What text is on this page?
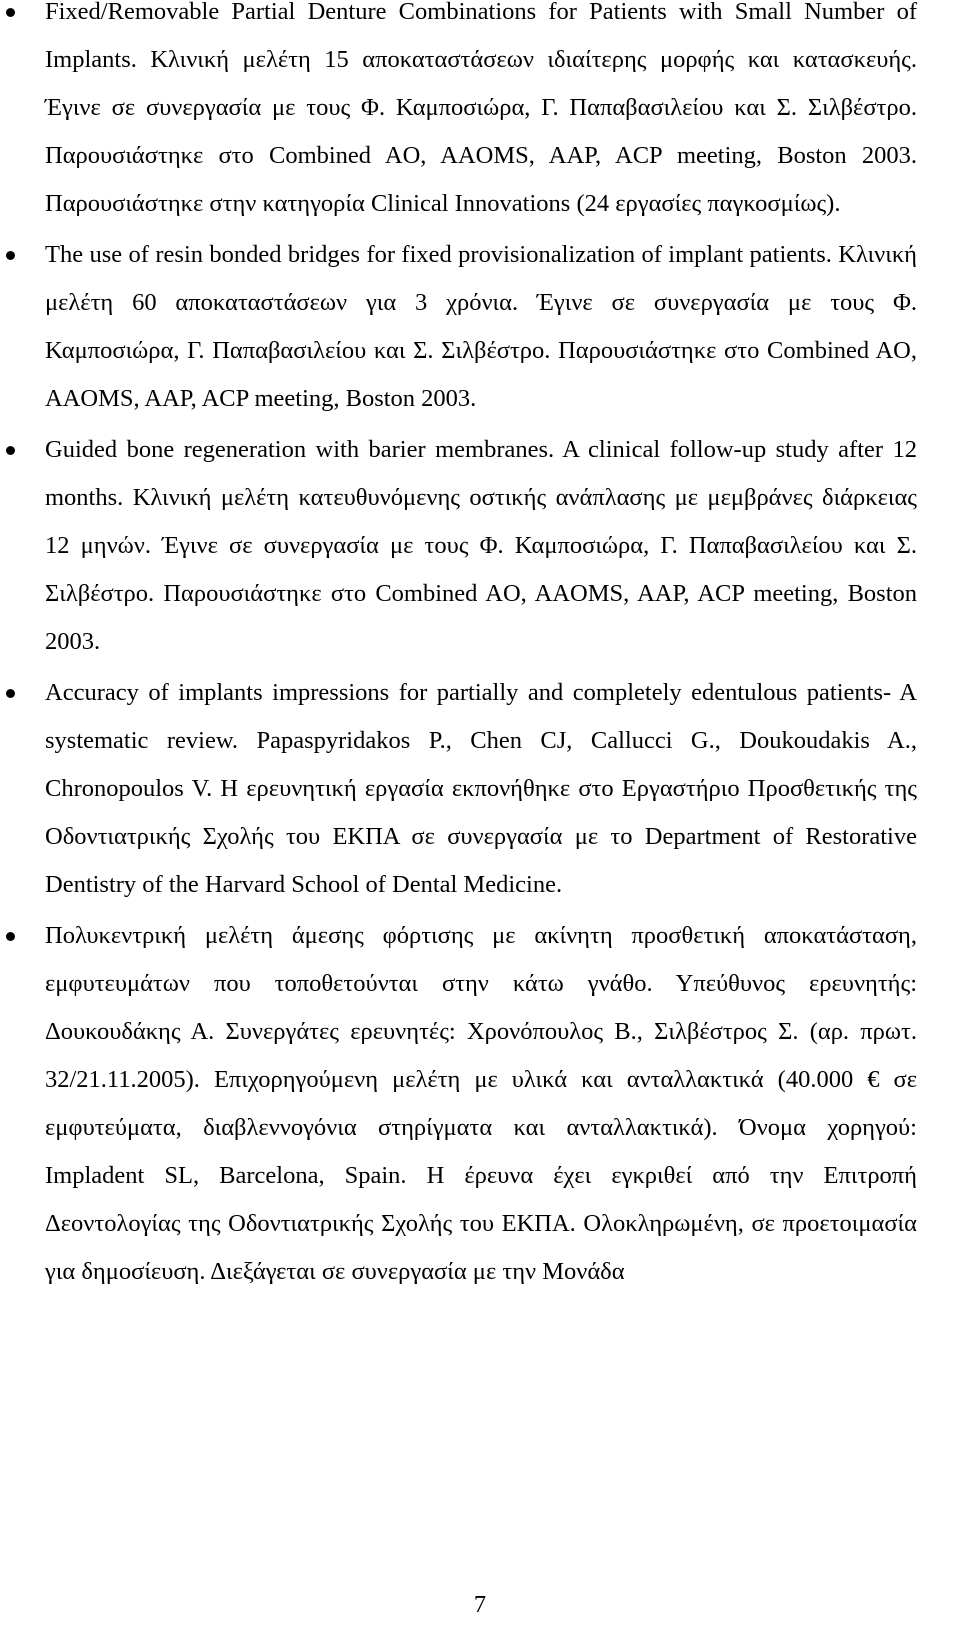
Fixed/Removable Partial Denture Combinations for Patients with Small Number of Implants. Κλινική μελέτη 15 αποκαταστάσεων ιδιαίτερης μορφής και κατασκευής. Έγινε σε συνεργασία με τους Φ. Καμποσιώρα, Γ. Παπαβασιλείου και Σ. Σιλβέστρο. Παρουσιάστηκε στο Combined AO, AAOMS, AAP, ACP meeting, Boston 2003. Παρουσιάστηκε στην κατηγορία Clinical Innovations (24 εργασίες παγκοσμίως).
The use of resin bonded bridges for fixed provisionalization of implant patients. Κλινική μελέτη 60 αποκαταστάσεων για 3 χρόνια. Έγινε σε συνεργασία με τους Φ. Καμποσιώρα, Γ. Παπαβασιλείου και Σ. Σιλβέστρο. Παρουσιάστηκε στο Combined AO, AAOMS, AAP, ACP meeting, Boston 2003.
Guided bone regeneration with barier membranes. A clinical follow-up study after 12 months. Κλινική μελέτη κατευθυνόμενης οστικής ανάπλασης με μεμβράνες διάρκειας 12 μηνών. Έγινε σε συνεργασία με τους Φ. Καμποσιώρα, Γ. Παπαβασιλείου και Σ. Σιλβέστρο. Παρουσιάστηκε στο Combined AO, AAOMS, AAP, ACP meeting, Boston 2003.
Accuracy of implants impressions for partially and completely edentulous patients- A systematic review. Papaspyridakos P., Chen CJ, Callucci G., Doukoudakis A., Chronopoulos V. Η ερευνητική εργασία εκπονήθηκε στο Εργαστήριο Προσθετικής της Οδοντιατρικής Σχολής του ΕΚΠΑ σε συνεργασία με το Department of Restorative Dentistry of the Harvard School of Dental Medicine.
Πολυκεντρική μελέτη άμεσης φόρτισης με ακίνητη προσθετική αποκατάσταση, εμφυτευμάτων που τοποθετούνται στην κάτω γνάθο. Υπεύθυνος ερευνητής: Δουκουδάκης Α. Συνεργάτες ερευνητές: Χρονόπουλος Β., Σιλβέστρος Σ. (αρ. πρωτ. 32/21.11.2005). Επιχορηγούμενη μελέτη με υλικά και ανταλλακτικά (40.000 € σε εμφυτεύματα, διαβλεννογόνια στηρίγματα και ανταλλακτικά). Όνομα χορηγού: Impladent SL, Barcelona, Spain. Η έρευνα έχει εγκριθεί από την Επιτροπή Δεοντολογίας της Οδοντιατρικής Σχολής του ΕΚΠΑ. Ολοκληρωμένη, σε προετοιμασία για δημοσίευση. Διεξάγεται σε συνεργασία με την Μονάδα
7
